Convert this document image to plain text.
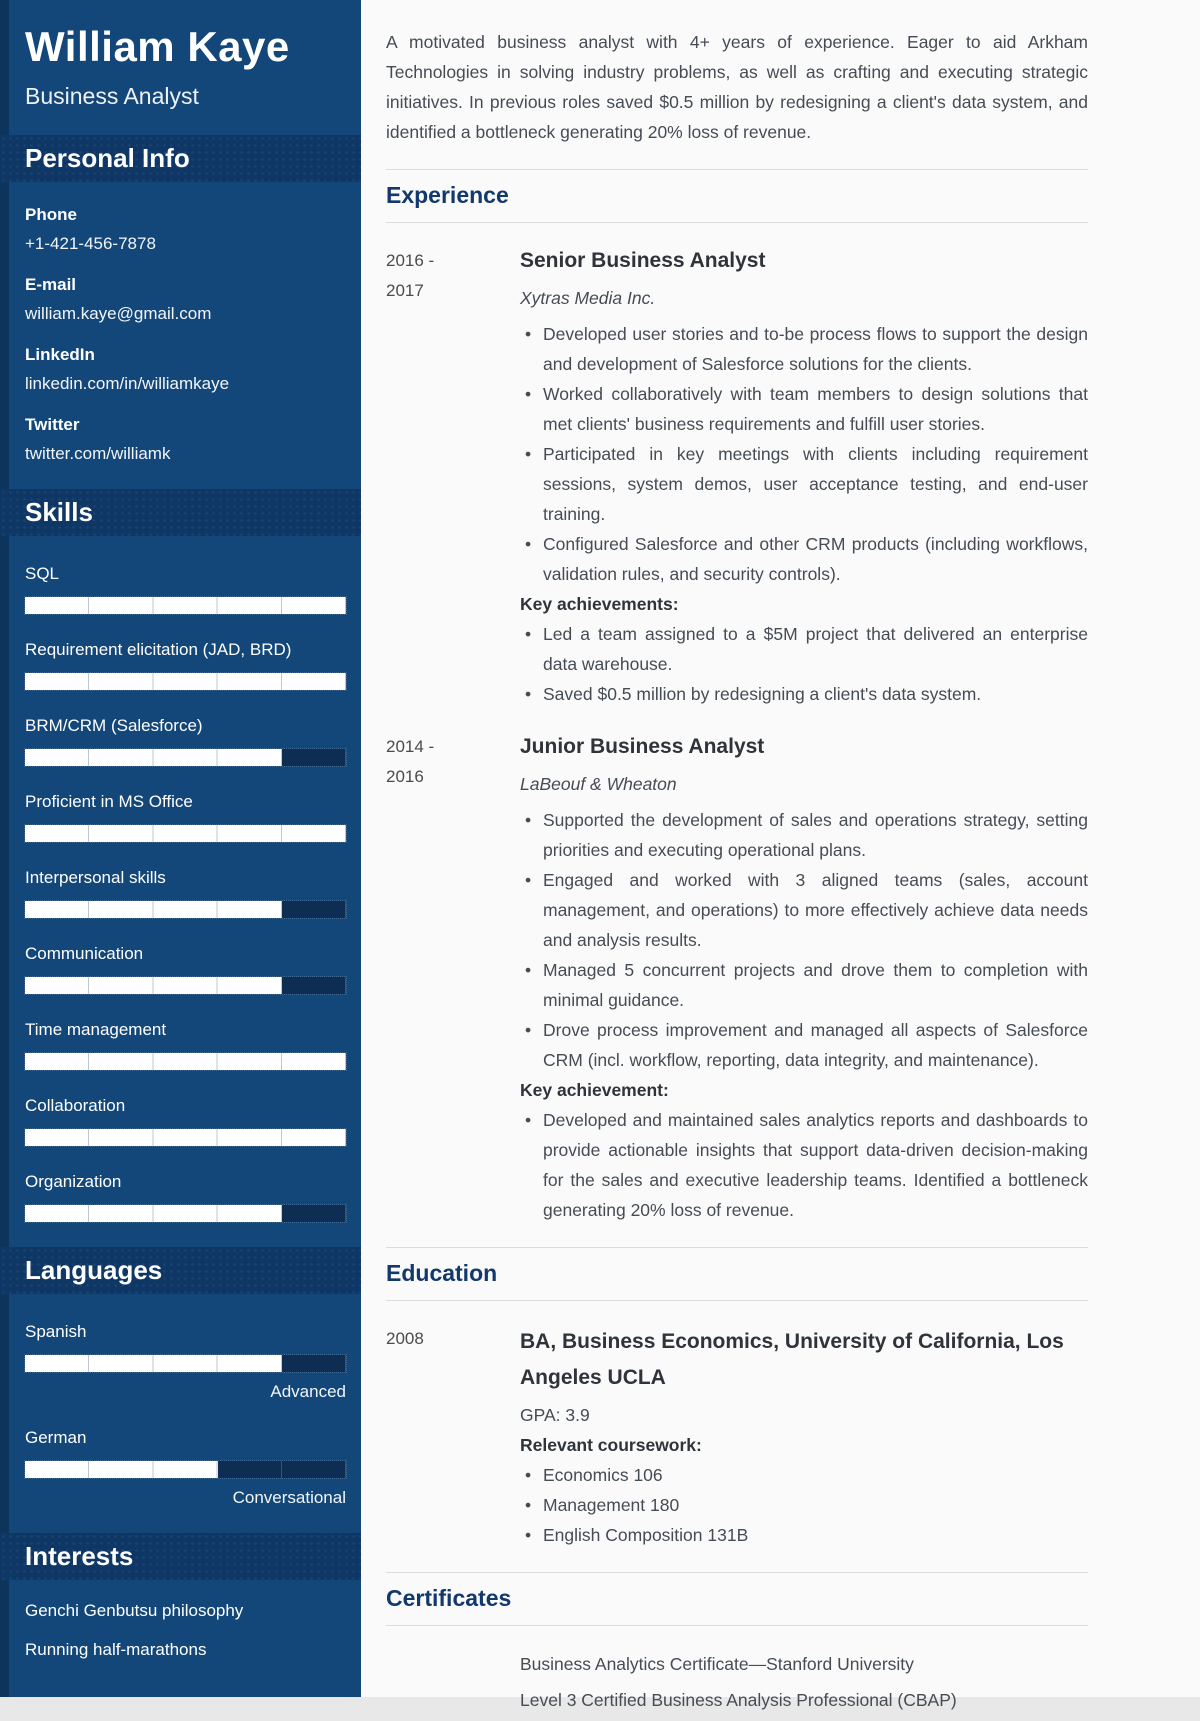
William Kaye
Business Analyst
Personal Info
Phone
+1-421-456-7878
E-mail
william.kaye@gmail.com
LinkedIn
linkedin.com/in/williamkaye
Twitter
twitter.com/williamk
Skills
SQL
Requirement elicitation (JAD, BRD)
BRM/CRM (Salesforce)
Proficient in MS Office
Interpersonal skills
Communication
Time management
Collaboration
Organization
Languages
Spanish
Advanced
German
Conversational
Interests
Genchi Genbutsu philosophy
Running half-marathons

A motivated business analyst with 4+ years of experience. Eager to aid Arkham Technologies in solving industry problems, as well as crafting and executing strategic initiatives. In previous roles saved $0.5 million by redesigning a client's data system, and identified a bottleneck generating 20% loss of revenue.

Experience
2016 -
2017
Senior Business Analyst
Xytras Media Inc.
• Developed user stories and to-be process flows to support the design and development of Salesforce solutions for the clients.
• Worked collaboratively with team members to design solutions that met clients' business requirements and fulfill user stories.
• Participated in key meetings with clients including requirement sessions, system demos, user acceptance testing, and end-user training.
• Configured Salesforce and other CRM products (including workflows, validation rules, and security controls).
Key achievements:
• Led a team assigned to a $5M project that delivered an enterprise data warehouse.
• Saved $0.5 million by redesigning a client's data system.
2014 -
2016
Junior Business Analyst
LaBeouf & Wheaton
• Supported the development of sales and operations strategy, setting priorities and executing operational plans.
• Engaged and worked with 3 aligned teams (sales, account management, and operations) to more effectively achieve data needs and analysis results.
• Managed 5 concurrent projects and drove them to completion with minimal guidance.
• Drove process improvement and managed all aspects of Salesforce CRM (incl. workflow, reporting, data integrity, and maintenance).
Key achievement:
• Developed and maintained sales analytics reports and dashboards to provide actionable insights that support data-driven decision-making for the sales and executive leadership teams. Identified a bottleneck generating 20% loss of revenue.
Education
2008	BA, Business Economics, University of California, Los Angeles UCLA
GPA: 3.9
Relevant coursework:
• Economics 106
• Management 180
• English Composition 131B
Certificates
Business Analytics Certificate—Stanford University
Level 3 Certified Business Analysis Professional (CBAP)
